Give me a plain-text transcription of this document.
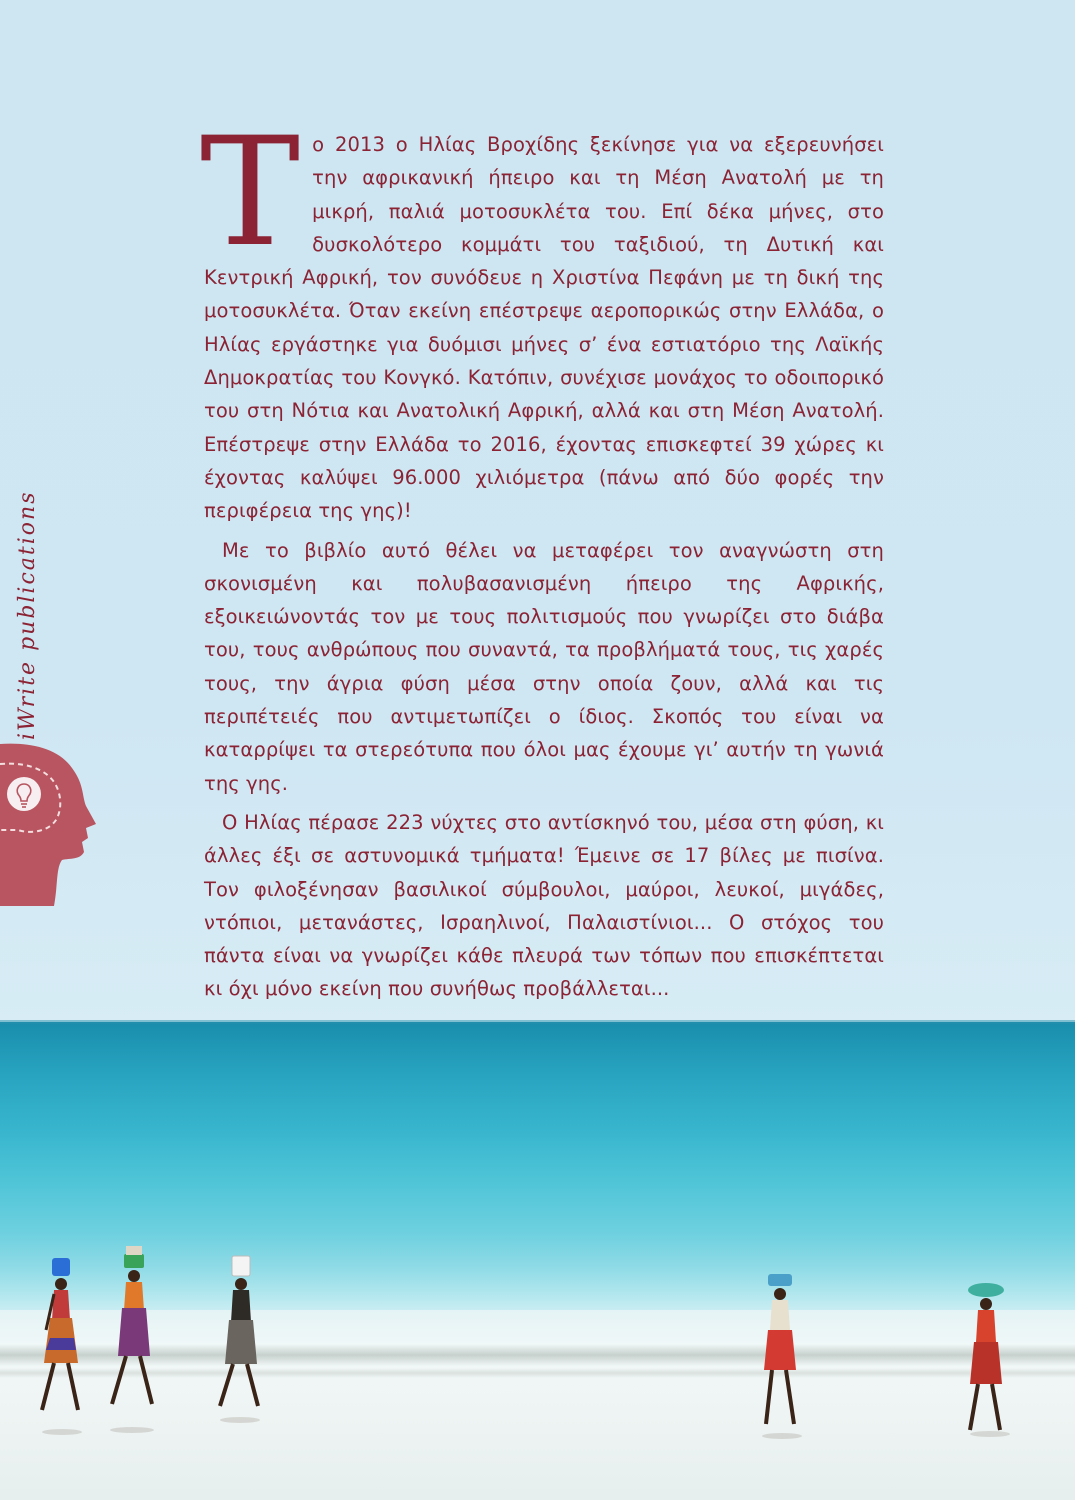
iWrite publications

Το 2013 ο Ηλίας Βροχίδης ξεκίνησε για να εξερευνήσει την αφρικανική ήπειρο και τη Μέση Ανατολή με τη μικρή, παλιά μοτοσυκλέτα του. Επί δέκα μήνες, στο δυσκολότερο κομμάτι του ταξιδιού, τη Δυτική και Κεντρική Αφρική, τον συνόδευε η Χριστίνα Πεφάνη με τη δική της μοτοσυκλέτα. Όταν εκείνη επέστρεψε αεροπορικώς στην Ελλάδα, ο Ηλίας εργάστηκε για δυόμισι μήνες σ’ ένα εστιατόριο της Λαϊκής Δημοκρατίας του Κονγκό. Κατόπιν, συνέχισε μονάχος το οδοιπορικό του στη Νότια και Ανατολική Αφρική, αλλά και στη Μέση Ανατολή. Επέστρεψε στην Ελλάδα το 2016, έχοντας επισκεφτεί 39 χώρες κι έχοντας καλύψει 96.000 χιλιόμετρα (πάνω από δύο φορές την περιφέρεια της γης)!

Με το βιβλίο αυτό θέλει να μεταφέρει τον αναγνώστη στη σκονισμένη και πολυβασανισμένη ήπειρο της Αφρικής, εξοικειώνοντάς τον με τους πολιτισμούς που γνωρίζει στο διάβα του, τους ανθρώπους που συναντά, τα προβλήματά τους, τις χαρές τους, την άγρια φύση μέσα στην οποία ζουν, αλλά και τις περιπέτειές που αντιμετωπίζει ο ίδιος. Σκοπός του είναι να καταρρίψει τα στερεότυπα που όλοι μας έχουμε γι’ αυτήν τη γωνιά της γης.

Ο Ηλίας πέρασε 223 νύχτες στο αντίσκηνό του, μέσα στη φύση, κι άλλες έξι σε αστυνομικά τμήματα! Έμεινε σε 17 βίλες με πισίνα. Τον φιλοξένησαν βασιλικοί σύμβουλοι, μαύροι, λευκοί, μιγάδες, ντόπιοι, μετανάστες, Ισραηλινοί, Παλαιστίνιοι... Ο στόχος του πάντα είναι να γνωρίζει κάθε πλευρά των τόπων που επισκέπτεται κι όχι μόνο εκείνη που συνήθως προβάλλεται...
